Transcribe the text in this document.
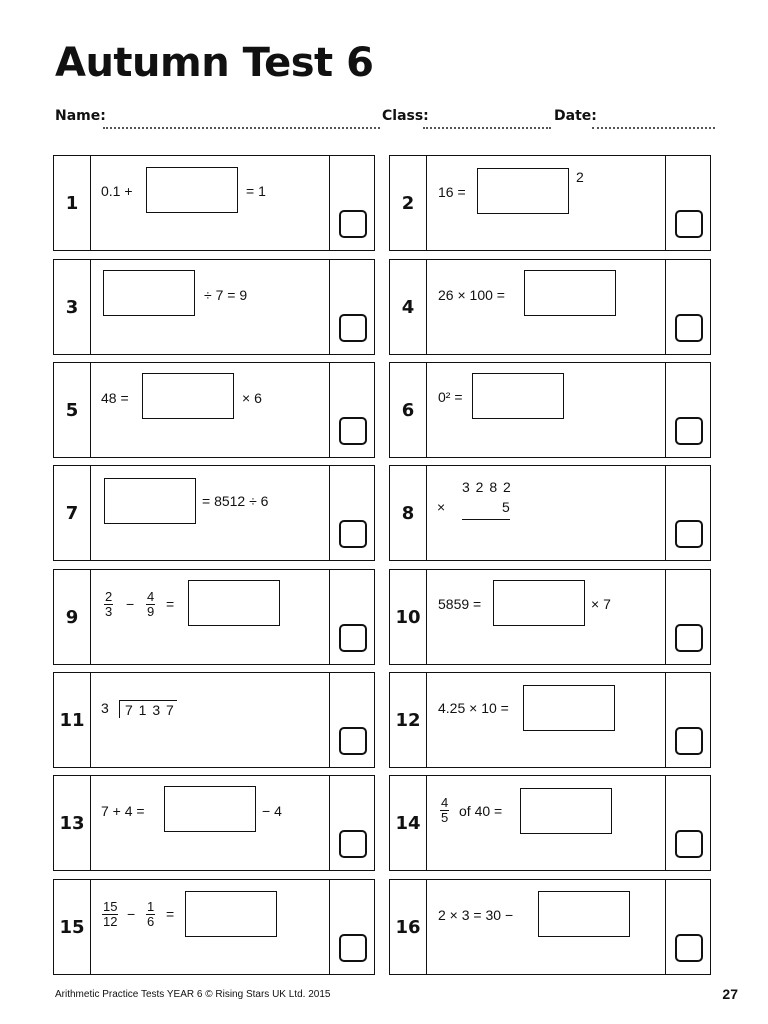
Autumn Test 6
Name:	Class:	Date:
1
0.1 +	= 1
2
16 =
2
3
÷ 7 = 9
4
26 × 100 =
5
48 =	× 6
6
0² =
7
= 8512 ÷ 6
8
3 2 8 2
×	5
9	$\frac{2}{3} - \frac{4}{9}$ =
10
5859 =	× 7
11
3	7 1 3 7	12
4.25 × 10 =
13
7 + 4 =	− 4
14	$\frac{4}{5}$ of 40 =
15	$\frac{15}{12} - \frac{1}{6}$ =
16
2 × 3 = 30 −
Arithmetic Practice Tests YEAR 6 © Rising Stars UK Ltd. 2015	27
